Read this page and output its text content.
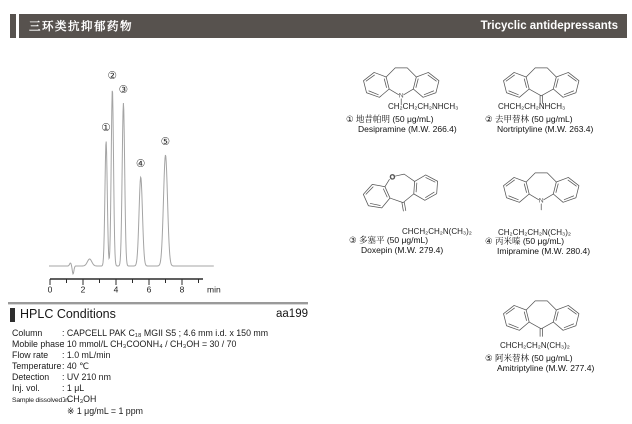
三环类抗抑郁药物	Tricyclic antidepressants
0	2	4	6	8	min
①
②
③
④
⑤
N
CH₂CH₂CH₂NHCH₃
① 地昔帕明 (50 μg/mL)
Desipramine (M.W. 266.4)
CHCH₂CH₂NHCH₃
② 去甲替林 (50 μg/mL)
Nortriptyline (M.W. 263.4)
O
CHCH₂CH₂N(CH₃)₂
③ 多塞平 (50 μg/mL)
Doxepin (M.W. 279.4)
N
CH₂CH₂CH₂N(CH₃)₂
④ 丙米嗪 (50 μg/mL)
Imipramine (M.W. 280.4)
CHCH₂CH₂N(CH₃)₂
⑤ 阿米替林 (50 μg/mL)
Amitriptyline (M.W. 277.4)
HPLC Conditions	aa199
Column : CAPCELL PAK C₁₈ MGII S5 ; 4.6 mm i.d. x 150 mm
Mobile phase: 10 mmol/L CH₃COONH₄ / CH₃OH = 30 / 70
Flow rate : 1.0 mL/min
Temperature: 40 ℃
Detection : UV 210 nm
Inj. vol.	: 1 μL
Sample dissolved in: CH₃OH
※ 1 μg/mL = 1 ppm
